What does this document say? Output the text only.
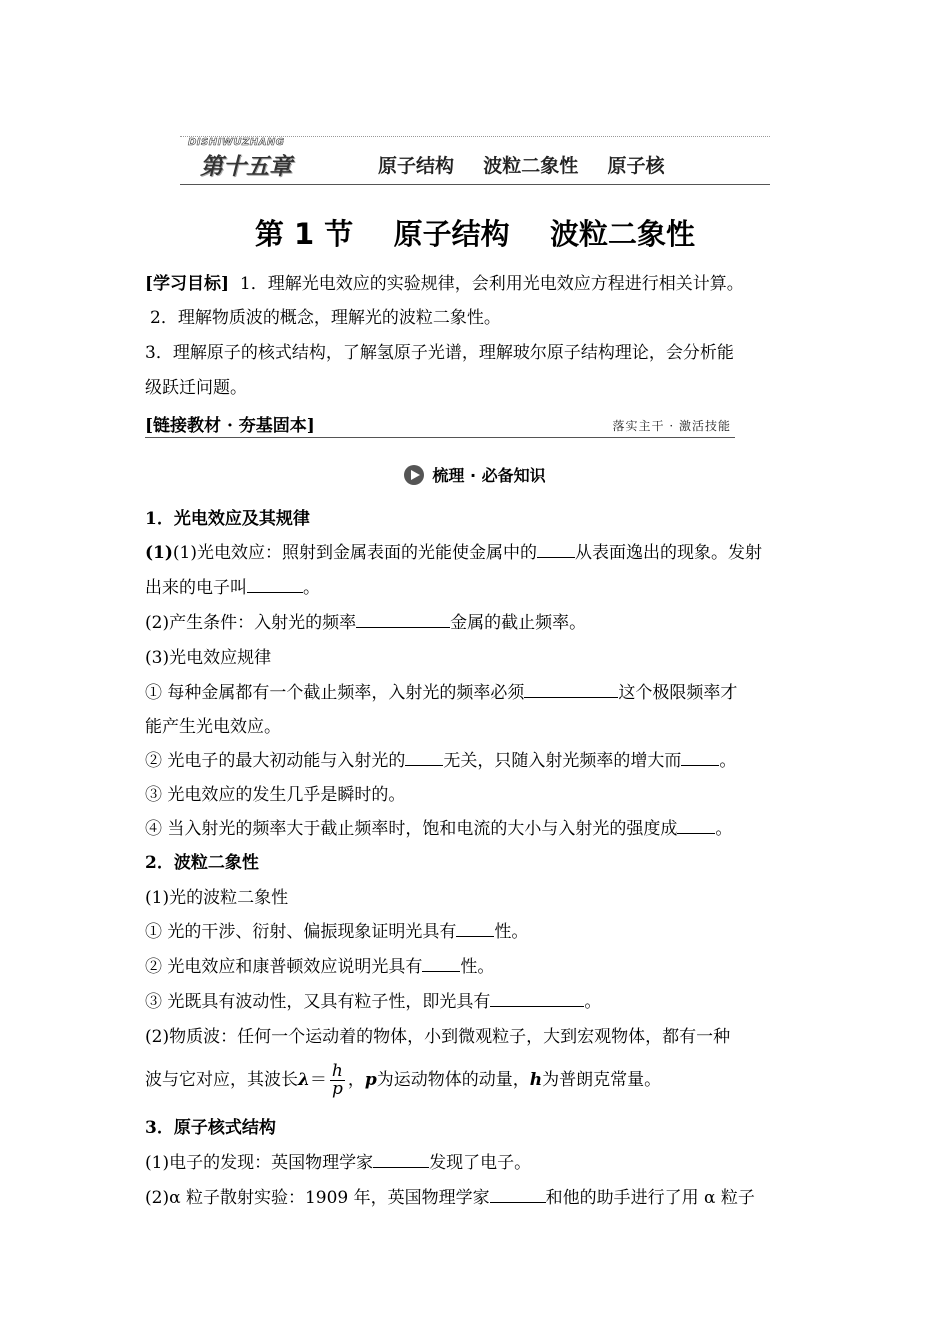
DISHIWUZHANG
第十五章	原子结构  波粒二象性  原子核
第 1 节    原子结构    波粒二象性
[学习目标] 1．理解光电效应的实验规律，会利用光电效应方程进行相关计算。
2．理解物质波的概念，理解光的波粒二象性。
3．理解原子的核式结构，了解氢原子光谱，理解玻尔原子结构理论，会分析能
级跃迁问题。
[链接教材 · 夯基固本]	落实主干 · 激活技能
梳理 · 必备知识
1．光电效应及其规律
(1)(1)光电效应：照射到金属表面的光能使金属中的 从表面逸出的现象。发射
出来的电子叫	。
(2)产生条件：入射光的频率	金属的截止频率。
(3)光电效应规律
① 每种金属都有一个截止频率，入射光的频率必须	这个极限频率才
能产生光电效应。
② 光电子的最大初动能与入射光的 无关，只随入射光频率的增大而 。
③ 光电效应的发生几乎是瞬时的。
④ 当入射光的频率大于截止频率时，饱和电流的大小与入射光的强度成 。
2．波粒二象性
(1)光的波粒二象性
① 光的干涉、衍射、偏振现象证明光具有 性。
② 光电效应和康普顿效应说明光具有 性。
③ 光既具有波动性，又具有粒子性，即光具有	。
(2)物质波：任何一个运动着的物体，小到微观粒子，大到宏观物体，都有一种
波与它对应，其波长$\lambda= \frac{h}{p}$ ，p为运动物体的动量，h为普朗克常量。
3．原子核式结构
(1)电子的发现：英国物理学家	发现了电子。
(2)α 粒子散射实验：1909 年，英国物理学家	和他的助手进行了用 α 粒子
